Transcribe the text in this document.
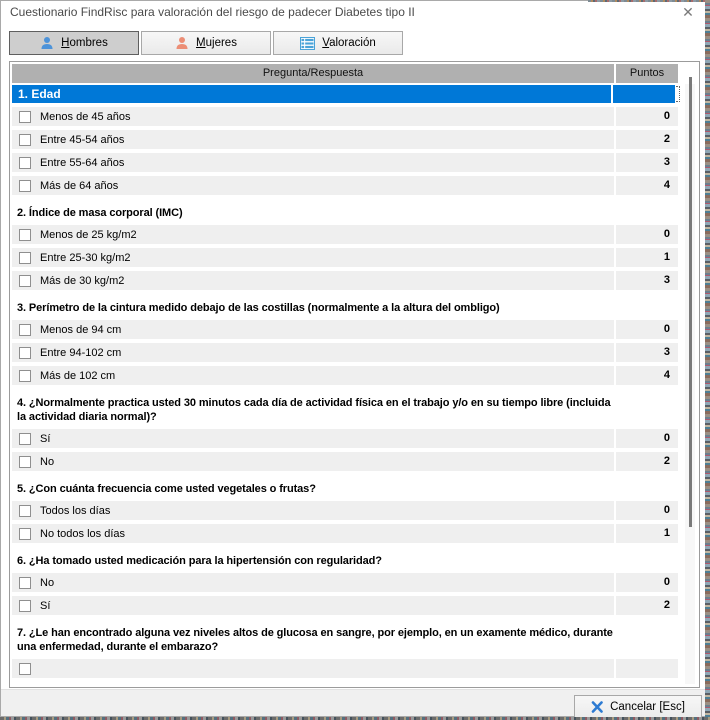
Cuestionario FindRisc para valoración del riesgo de padecer Diabetes tipo II	✕
Hombres	Mujeres	Valoración
Pregunta/Respuesta	Puntos
1. Edad
Menos de 45 años	0
Entre 45-54 años	2
Entre 55-64 años	3
Más de 64 años	4
2. Índice de masa corporal (IMC)
Menos de 25 kg/m2	0
Entre 25-30 kg/m2	1
Más de 30 kg/m2	3
3. Perímetro de la cintura medido debajo de las costillas (normalmente a la altura del ombligo)
Menos de 94 cm	0
Entre 94-102 cm	3
Más de 102 cm	4
4. ¿Normalmente practica usted 30 minutos cada día de actividad física en el trabajo y/o en su tiempo libre (incluida la actividad diaria normal)?
Sí	0
No	2
5. ¿Con cuánta frecuencia come usted vegetales o frutas?
Todos los días	0
No todos los días	1
6. ¿Ha tomado usted medicación para la hipertensión con regularidad?
No	0
Sí	2
7. ¿Le han encontrado alguna vez niveles altos de glucosa en sangre, por ejemplo, en un examente médico, durante una enfermedad, durante el embarazo?
Cancelar [Esc]
